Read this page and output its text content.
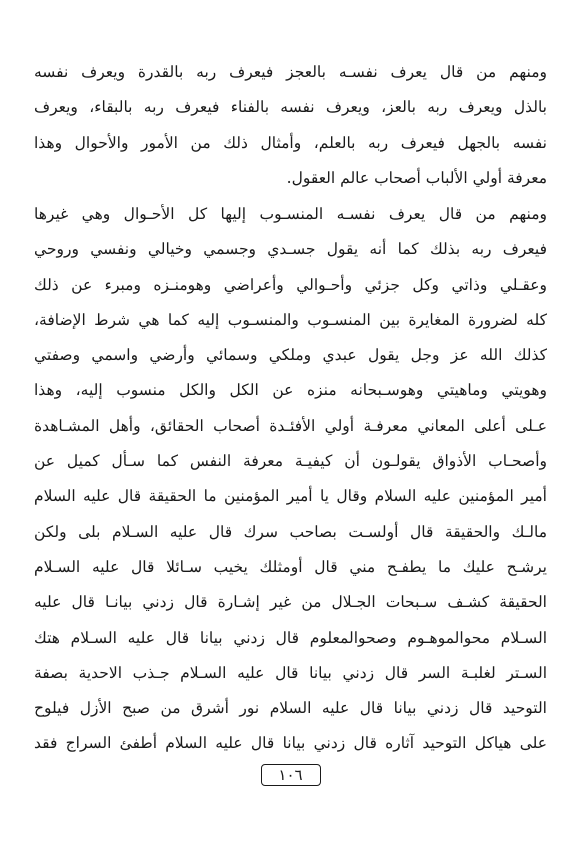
ومنهم من قال يعرف نفسـه بالعجز فيعرف ربه بالقدرة ويعرف نفسه
بالذل ويعرف ربه بالعز، ويعرف نفسه بالفناء فيعرف ربه بالبقاء، ويعرف
نفسه بالجهل فيعرف ربه بالعلم، وأمثال ذلك من الأمور والأحوال وهذا
معرفة أولي الألباب أصحاب عالم العقول.
ومنهم من قال يعرف نفسـه المنسـوب إليها كل الأحـوال وهي غيرها
فيعرف ربه بذلك كما أنه يقول جسـدي وجسمي وخيالي ونفسي وروحي
وعقـلي وذاتي وكل جزئي وأحـوالي وأعراضي وهومنـزه ومبرء عن ذلك
كله لضرورة المغايرة بين المنسـوب والمنسـوب إليه كما هي شرط الإضافة،
كذلك الله عز وجل يقول عبدي وملكي وسمائي وأرضي واسمي وصفتي
وهويتي وماهيتي وهوسـبحانه منزه عن الكل والكل منسوب إليه، وهذا
عـلى أعلى المعاني معرفـة أولي الأفئـدة أصحاب الحقائق، وأهل المشـاهدة
وأصحـاب الأذواق يقولـون أن كيفيـة معرفة النفس كما سـأل كميل عن
أمير المؤمنين عليه السلام وقال يا أمير المؤمنين ما الحقيقة قال عليه السلام
مالـك والحقيقة قال أولسـت بصاحب سرك قال عليه السـلام بلى ولكن
يرشـح عليك ما يطفـح مني قال أومثلك يخيب سـائلا قال عليه السـلام
الحقيقة كشـف سـبحات الجـلال من غير إشـارة قال زدني بيانـا قال عليه
السـلام محوالموهـوم وصحوالمعلوم قال زدني بيانا قال عليه السـلام هتك
السـتر لغلبـة السر قال زدني بيانا قال عليه السـلام جـذب الاحدية بصفة
التوحيد قال زدني بيانا قال عليه السلام نور أشرق من صبح الأزل فيلوح
على هياكل التوحيد آثاره قال زدني بيانا قال عليه السلام أطفئ السراج فقد
١٠٦
